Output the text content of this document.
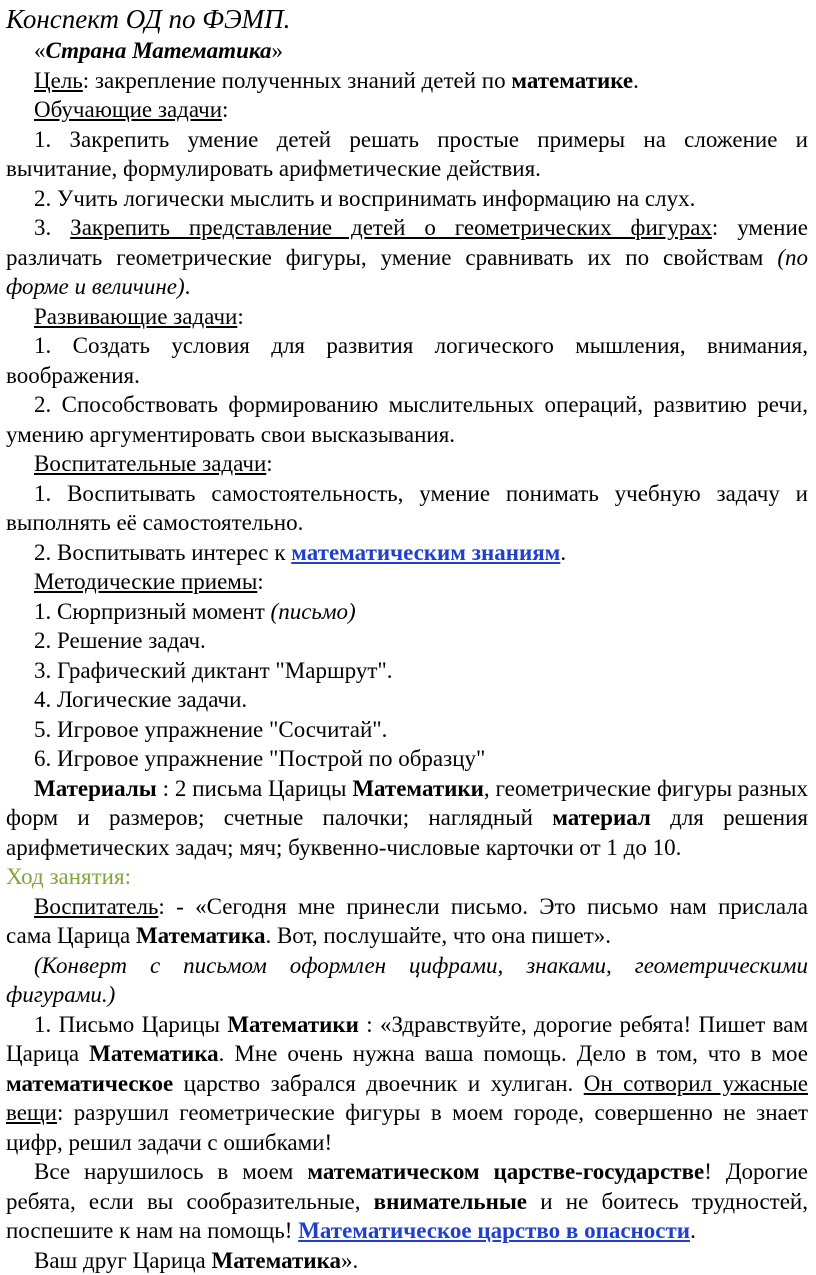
Конспект ОД по ФЭМП.

«Страна Математика»

Цель: закрепление полученных знаний детей по математике.

Обучающие задачи:

1. Закрепить умение детей решать простые примеры на сложение и вычитание, формулировать арифметические действия.

2. Учить логически мыслить и воспринимать информацию на слух.

3. Закрепить представление детей о геометрических фигурах: умение различать геометрические фигуры, умение сравнивать их по свойствам (по форме и величине).

Развивающие задачи:

1. Создать условия для развития логического мышления, внимания, воображения.

2. Способствовать формированию мыслительных операций, развитию речи, умению аргументировать свои высказывания.

Воспитательные задачи:

1. Воспитывать самостоятельность, умение понимать учебную задачу и выполнять её самостоятельно.

2. Воспитывать интерес к математическим знаниям.

Методические приемы:

1. Сюрпризный момент (письмо)

2. Решение задач.

3. Графический диктант "Маршрут".

4. Логические задачи.

5. Игровое упражнение "Сосчитай".

6. Игровое упражнение "Построй по образцу"

Материалы : 2 письма Царицы Математики, геометрические фигуры разных форм и размеров; счетные палочки; наглядный материал для решения арифметических задач; мяч; буквенно-числовые карточки от 1 до 10.

Ход занятия:

Воспитатель: - «Сегодня мне принесли письмо. Это письмо нам прислала сама Царица Математика. Вот, послушайте, что она пишет».

(Конверт с письмом оформлен цифрами, знаками, геометрическими фигурами.)

1. Письмо Царицы Математики : «Здравствуйте, дорогие ребята! Пишет вам Царица Математика. Мне очень нужна ваша помощь. Дело в том, что в мое математическое царство забрался двоечник и хулиган. Он сотворил ужасные вещи: разрушил геометрические фигуры в моем городе, совершенно не знает цифр, решил задачи с ошибками!

Все нарушилось в моем математическом царстве-государстве! Дорогие ребята, если вы сообразительные, внимательные и не боитесь трудностей, поспешите к нам на помощь! Математическое царство в опасности.

Ваш друг Царица Математика».
